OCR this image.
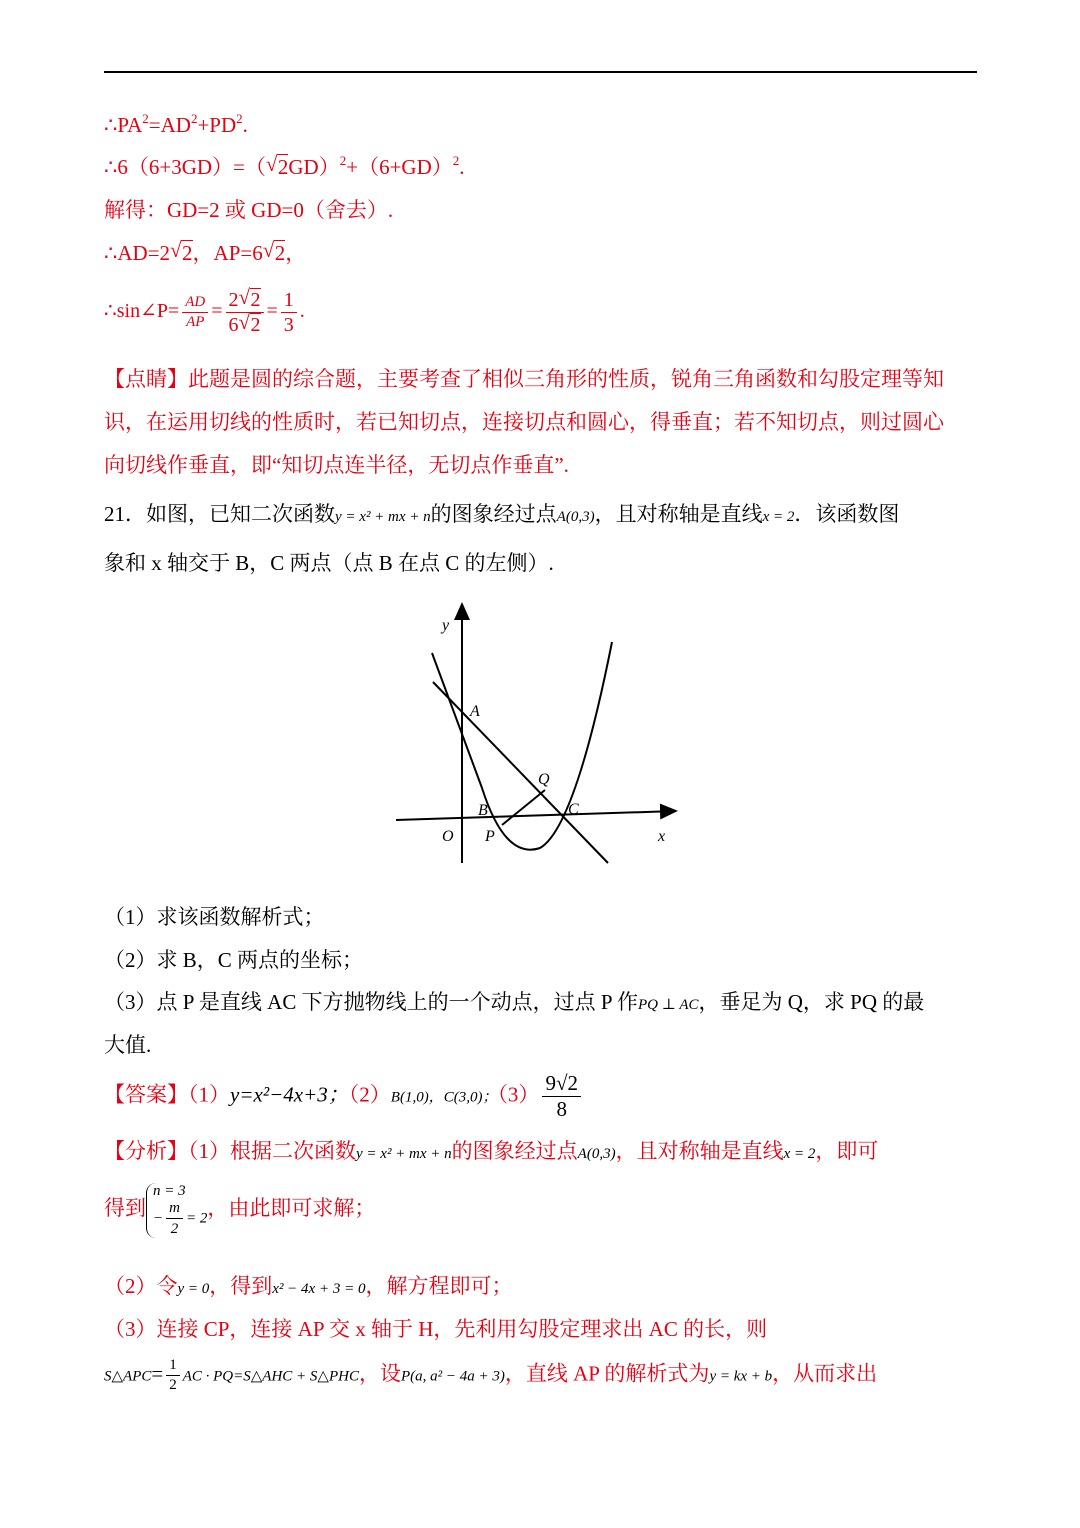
$\therefore PA^2=AD^2+PD^2$.
∴6（6+3GD）=（ √ $2GD)^2+(6+GD)^2$.
解得：GD=2 或 GD=0（舍去）.
∴AD=2 √ 2，AP=6 √ 2，
∴sin∠P= $\frac{AD}{AP} = \frac{2 √ 2}{6 √ 2} = \frac{1}{3}$ .
【点睛】此题是圆的综合题，主要考查了相似三角形的性质，锐角三角函数和勾股定理等知
识，在运用切线的性质时，若已知切点，连接切点和圆心，得垂直；若不知切点，则过圆心
向切线作垂直，即“知切点连半径，无切点作垂直”.
21．如图，已知二次函数y = x² + mx + n的图象经过点A(0,3)，且对称轴是直线x = 2．该函数图
象和 x 轴交于 B，C 两点（点 B 在点 C 的左侧）.
y
A
Q
B	C
O P	x
（1）求该函数解析式；
（2）求 B，C 两点的坐标；
（3）点 P 是直线 AC 下方抛物线上的一个动点，过点 P 作PQ ⊥ AC，垂足为 Q，求 PQ 的最
大值.
【答案】（1）y=x²−4x+3；（2）B(1,0)，C(3,0)；$(3) \frac{9√2}{8}$
【分析】（1）根据二次函数y = x² + mx + n的图象经过点A(0,3)，且对称轴是直线x = 2，即可
得到
n = 3
− $\frac{m}{2} = 2$ ，由此即可求解；
（2）令y = 0，得到x² − 4x + 3 = 0，解方程即可；
（3）连接 CP，连接 AP 交 x 轴于 H，先利用勾股定理求出 AC 的长，则
S△APC= $\frac{1}{2}$ AC · PQ=S△AHC + S△PHC，设P(a, a² − 4a + 3)，直线 AP 的解析式为y = kx + b，从而求出
